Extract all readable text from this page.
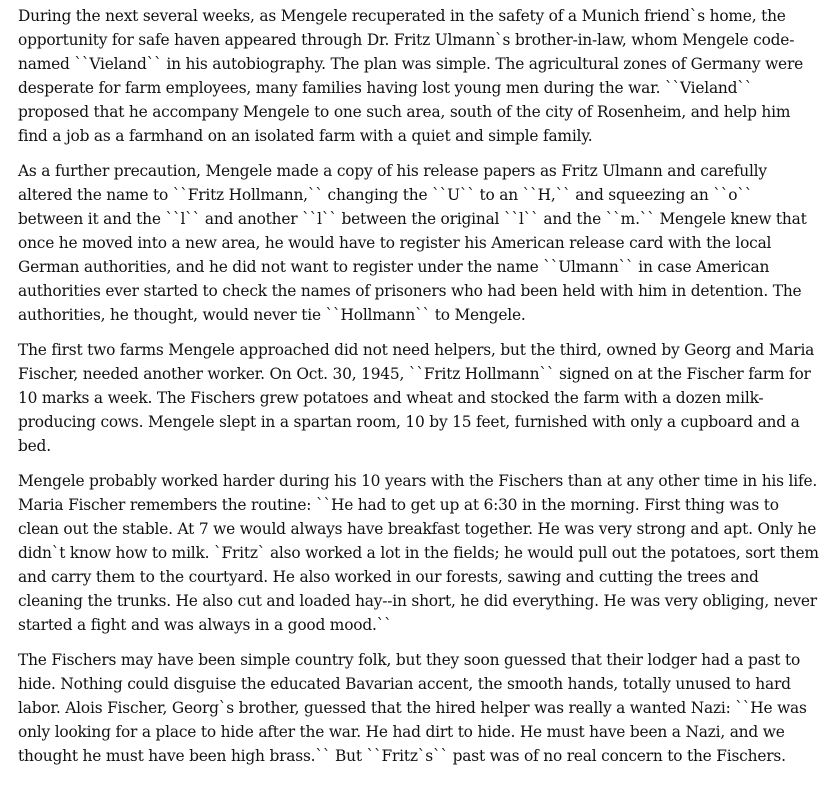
During the next several weeks, as Mengele recuperated in the safety of a Munich friend`s home, the opportunity for safe haven appeared through Dr. Fritz Ulmann`s brother-in-law, whom Mengele code-named ``Vieland`` in his autobiography. The plan was simple. The agricultural zones of Germany were desperate for farm employees, many families having lost young men during the war. ``Vieland`` proposed that he accompany Mengele to one such area, south of the city of Rosenheim, and help him find a job as a farmhand on an isolated farm with a quiet and simple family.

As a further precaution, Mengele made a copy of his release papers as Fritz Ulmann and carefully altered the name to ``Fritz Hollmann,`` changing the ``U`` to an ``H,`` and squeezing an ``o`` between it and the ``l`` and another ``l`` between the original ``l`` and the ``m.`` Mengele knew that once he moved into a new area, he would have to register his American release card with the local German authorities, and he did not want to register under the name ``Ulmann`` in case American authorities ever started to check the names of prisoners who had been held with him in detention. The authorities, he thought, would never tie ``Hollmann`` to Mengele.

The first two farms Mengele approached did not need helpers, but the third, owned by Georg and Maria Fischer, needed another worker. On Oct. 30, 1945, ``Fritz Hollmann`` signed on at the Fischer farm for 10 marks a week. The Fischers grew potatoes and wheat and stocked the farm with a dozen milk-producing cows. Mengele slept in a spartan room, 10 by 15 feet, furnished with only a cupboard and a bed.

Mengele probably worked harder during his 10 years with the Fischers than at any other time in his life. Maria Fischer remembers the routine: ``He had to get up at 6:30 in the morning. First thing was to clean out the stable. At 7 we would always have breakfast together. He was very strong and apt. Only he didn`t know how to milk. `Fritz` also worked a lot in the fields; he would pull out the potatoes, sort them and carry them to the courtyard. He also worked in our forests, sawing and cutting the trees and cleaning the trunks. He also cut and loaded hay--in short, he did everything. He was very obliging, never started a fight and was always in a good mood.``

The Fischers may have been simple country folk, but they soon guessed that their lodger had a past to hide. Nothing could disguise the educated Bavarian accent, the smooth hands, totally unused to hard labor. Alois Fischer, Georg`s brother, guessed that the hired helper was really a wanted Nazi: ``He was only looking for a place to hide after the war. He had dirt to hide. He must have been a Nazi, and we thought he must have been high brass.`` But ``Fritz`s`` past was of no real concern to the Fischers.
